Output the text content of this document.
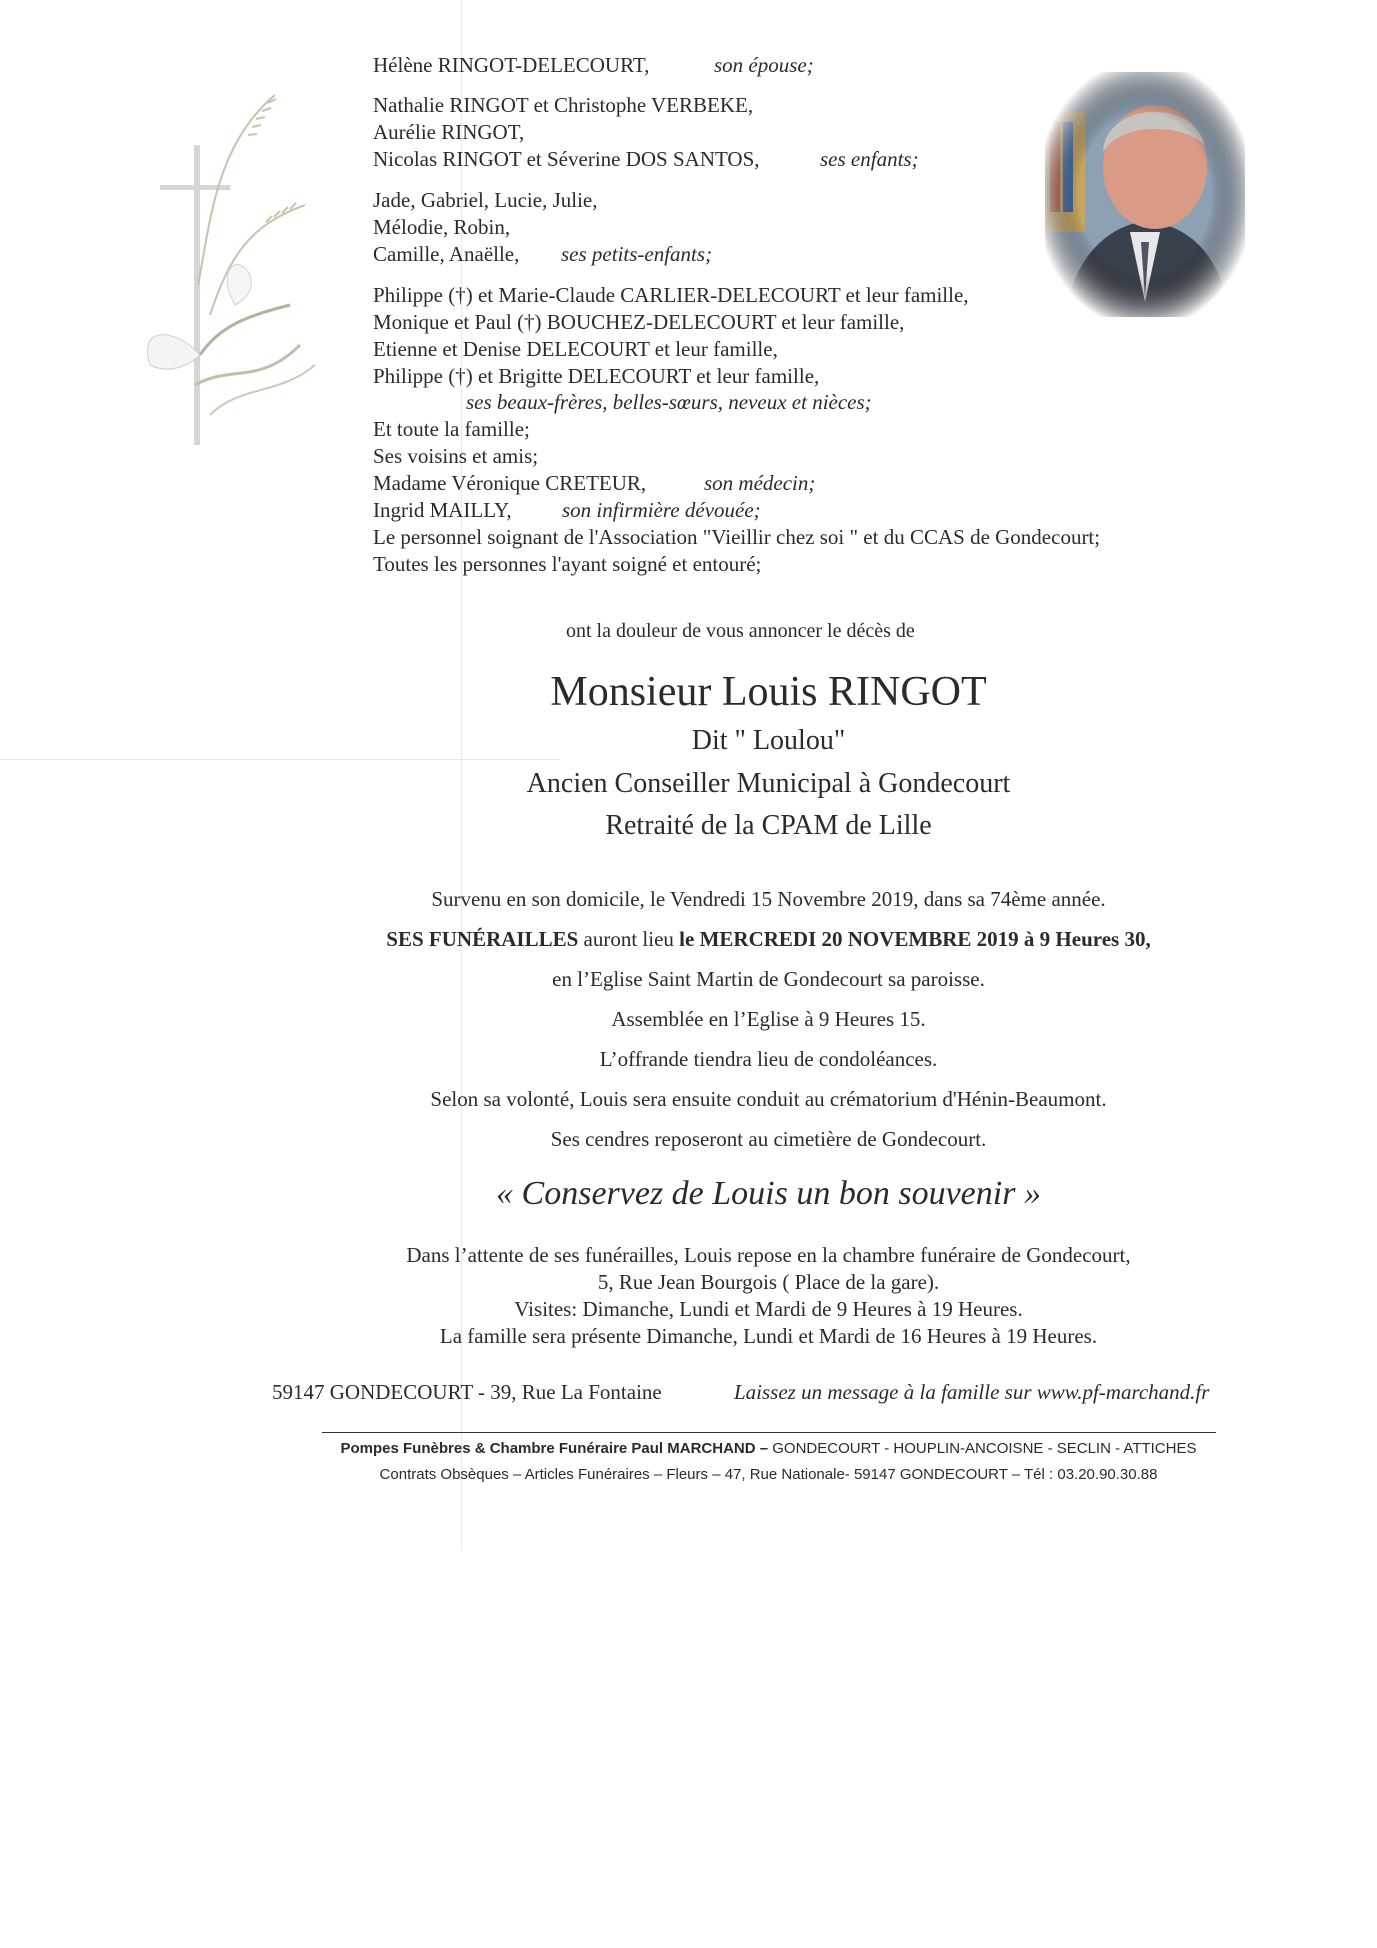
Hélène RINGOT-DELECOURT,	son épouse;
Nathalie RINGOT et Christophe VERBEKE,
Aurélie RINGOT,
Nicolas RINGOT et Séverine DOS SANTOS,	ses enfants;
Jade, Gabriel, Lucie, Julie,
Mélodie, Robin,
Camille, Anaëlle, ses petits-enfants;
Philippe (†) et Marie-Claude CARLIER-DELECOURT et leur famille,
Monique et Paul (†) BOUCHEZ-DELECOURT et leur famille,
Etienne et Denise DELECOURT et leur famille,
Philippe (†) et Brigitte DELECOURT et leur famille,
ses beaux-frères, belles-sœurs, neveux et nièces;
Et toute la famille;
Ses voisins et amis;
Madame Véronique CRETEUR,	son médecin;
Ingrid MAILLY, son infirmière dévouée;
Le personnel soignant de l'Association "Vieillir chez soi " et du CCAS de Gondecourt;
Toutes les personnes l'ayant soigné et entouré;
ont la douleur de vous annoncer le décès de
Monsieur Louis RINGOT
Dit " Loulou"
Ancien Conseiller Municipal à Gondecourt
Retraité de la CPAM de Lille
Survenu en son domicile, le Vendredi 15 Novembre 2019, dans sa 74ème année.
SES FUNÉRAILLES auront lieu le MERCREDI 20 NOVEMBRE 2019 à 9 Heures 30,
en l’Eglise Saint Martin de Gondecourt sa paroisse.
Assemblée en l’Eglise à 9 Heures 15.
L’offrande tiendra lieu de condoléances.
Selon sa volonté, Louis sera ensuite conduit au crématorium d'Hénin-Beaumont.
Ses cendres reposeront au cimetière de Gondecourt.
« Conservez de Louis un bon souvenir »
Dans l’attente de ses funérailles, Louis repose en la chambre funéraire de Gondecourt,
5, Rue Jean Bourgois ( Place de la gare).
Visites: Dimanche, Lundi et Mardi de 9 Heures à 19 Heures.
La famille sera présente Dimanche, Lundi et Mardi de 16 Heures à 19 Heures.
59147 GONDECOURT - 39, Rue La Fontaine	Laissez un message à la famille sur www.pf-marchand.fr
Pompes Funèbres & Chambre Funéraire Paul MARCHAND – GONDECOURT - HOUPLIN-ANCOISNE - SECLIN - ATTICHES
Contrats Obsèques – Articles Funéraires – Fleurs – 47, Rue Nationale- 59147 GONDECOURT – Tél : 03.20.90.30.88
